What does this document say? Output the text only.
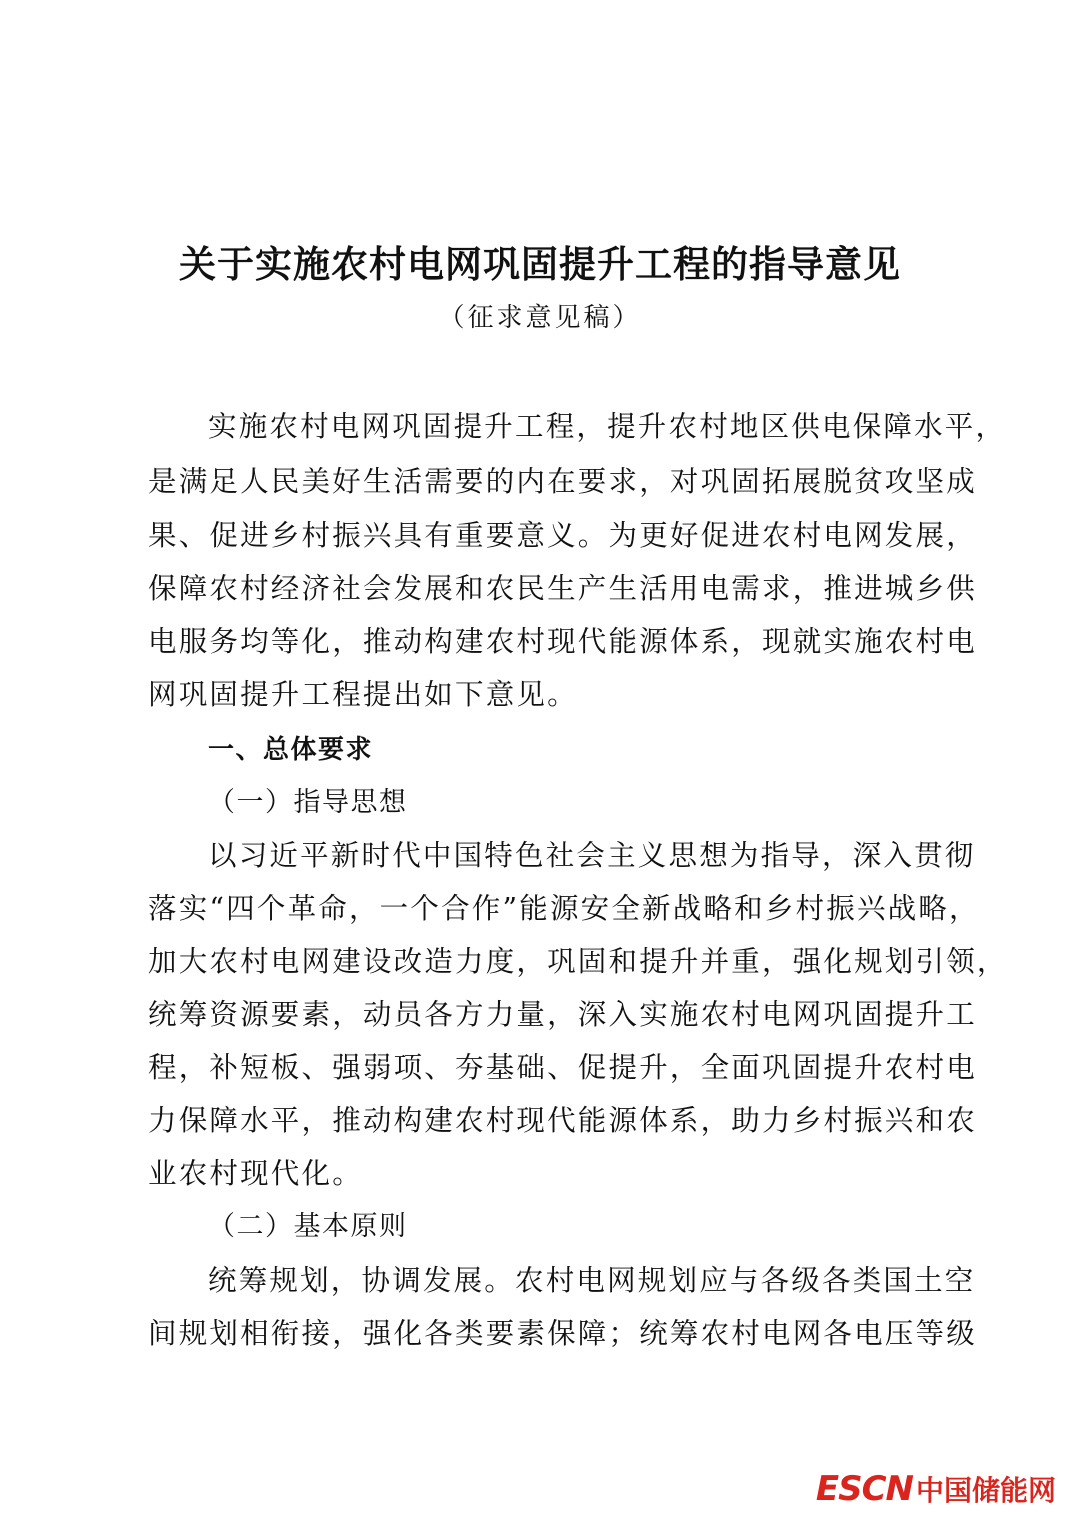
关于实施农村电网巩固提升工程的指导意见
（征求意见稿）
实施农村电网巩固提升工程，提升农村地区供电保障水平，
是满足人民美好生活需要的内在要求，对巩固拓展脱贫攻坚成
果、促进乡村振兴具有重要意义。为更好促进农村电网发展，
保障农村经济社会发展和农民生产生活用电需求，推进城乡供
电服务均等化，推动构建农村现代能源体系，现就实施农村电
网巩固提升工程提出如下意见。
一、总体要求
（一）指导思想
以习近平新时代中国特色社会主义思想为指导，深入贯彻
落实“四个革命，一个合作”能源安全新战略和乡村振兴战略，
加大农村电网建设改造力度，巩固和提升并重，强化规划引领，
统筹资源要素，动员各方力量，深入实施农村电网巩固提升工
程，补短板、强弱项、夯基础、促提升，全面巩固提升农村电
力保障水平，推动构建农村现代能源体系，助力乡村振兴和农
业农村现代化。
（二）基本原则
统筹规划，协调发展。农村电网规划应与各级各类国土空
间规划相衔接，强化各类要素保障；统筹农村电网各电压等级
ESCN 中国储能网
